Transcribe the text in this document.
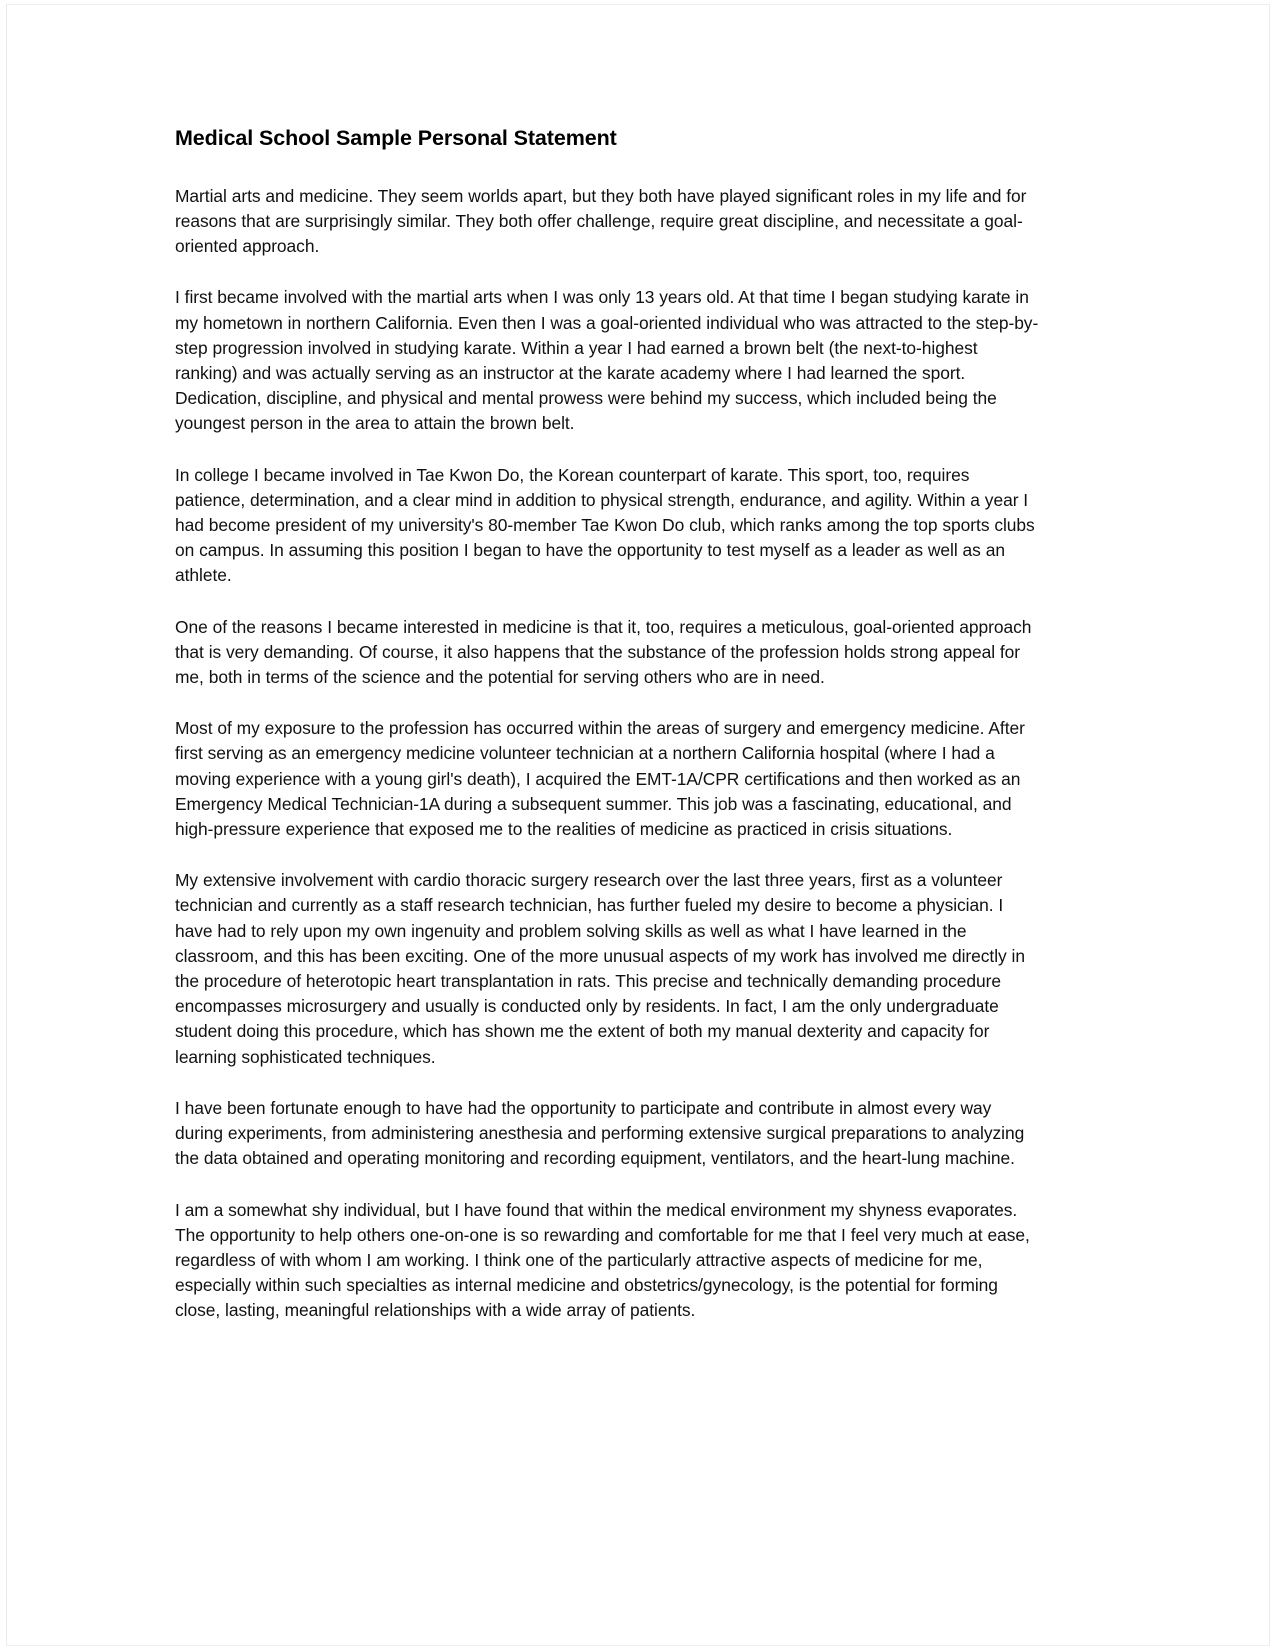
Medical School Sample Personal Statement

Martial arts and medicine. They seem worlds apart, but they both have played significant roles in my life and for reasons that are surprisingly similar. They both offer challenge, require great discipline, and necessitate a goal-oriented approach.

I first became involved with the martial arts when I was only 13 years old. At that time I began studying karate in my hometown in northern California. Even then I was a goal-oriented individual who was attracted to the step-by-step progression involved in studying karate. Within a year I had earned a brown belt (the next-to-highest ranking) and was actually serving as an instructor at the karate academy where I had learned the sport. Dedication, discipline, and physical and mental prowess were behind my success, which included being the youngest person in the area to attain the brown belt.

In college I became involved in Tae Kwon Do, the Korean counterpart of karate. This sport, too, requires patience, determination, and a clear mind in addition to physical strength, endurance, and agility. Within a year I had become president of my university's 80-member Tae Kwon Do club, which ranks among the top sports clubs on campus. In assuming this position I began to have the opportunity to test myself as a leader as well as an athlete.

One of the reasons I became interested in medicine is that it, too, requires a meticulous, goal-oriented approach that is very demanding. Of course, it also happens that the substance of the profession holds strong appeal for me, both in terms of the science and the potential for serving others who are in need.

Most of my exposure to the profession has occurred within the areas of surgery and emergency medicine. After first serving as an emergency medicine volunteer technician at a northern California hospital (where I had a moving experience with a young girl's death), I acquired the EMT-1A/CPR certifications and then worked as an Emergency Medical Technician-1A during a subsequent summer. This job was a fascinating, educational, and high-pressure experience that exposed me to the realities of medicine as practiced in crisis situations.

My extensive involvement with cardio thoracic surgery research over the last three years, first as a volunteer technician and currently as a staff research technician, has further fueled my desire to become a physician. I have had to rely upon my own ingenuity and problem solving skills as well as what I have learned in the classroom, and this has been exciting. One of the more unusual aspects of my work has involved me directly in the procedure of heterotopic heart transplantation in rats. This precise and technically demanding procedure encompasses microsurgery and usually is conducted only by residents. In fact, I am the only undergraduate student doing this procedure, which has shown me the extent of both my manual dexterity and capacity for learning sophisticated techniques.

I have been fortunate enough to have had the opportunity to participate and contribute in almost every way during experiments, from administering anesthesia and performing extensive surgical preparations to analyzing the data obtained and operating monitoring and recording equipment, ventilators, and the heart-lung machine.

I am a somewhat shy individual, but I have found that within the medical environment my shyness evaporates. The opportunity to help others one-on-one is so rewarding and comfortable for me that I feel very much at ease, regardless of with whom I am working. I think one of the particularly attractive aspects of medicine for me, especially within such specialties as internal medicine and obstetrics/gynecology, is the potential for forming close, lasting, meaningful relationships with a wide array of patients.
